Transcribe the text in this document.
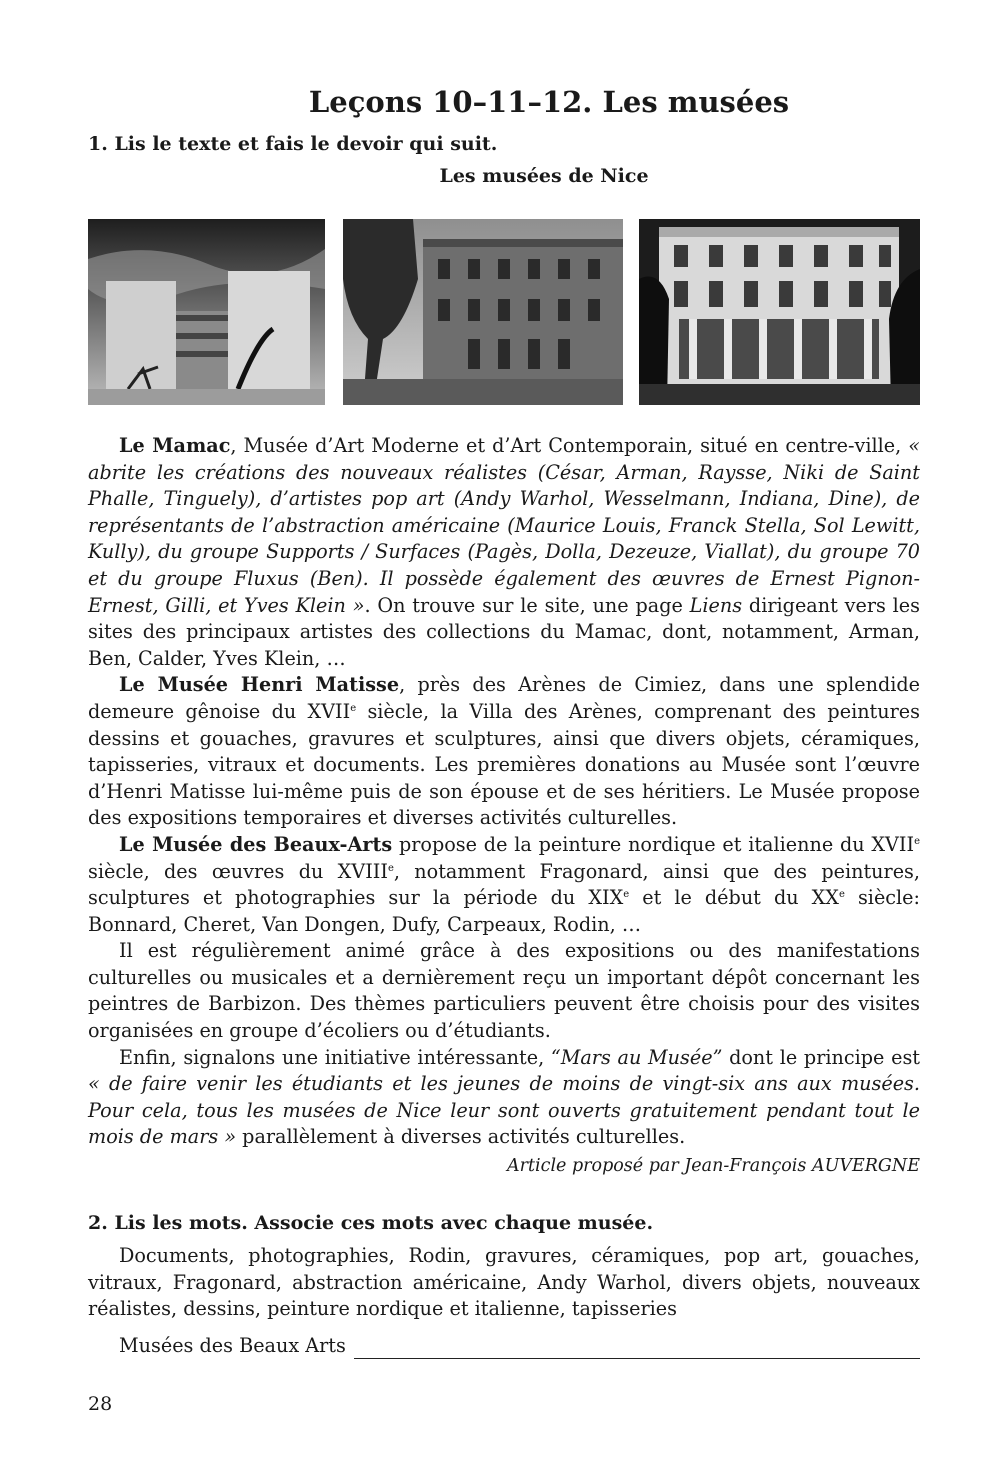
Leçons 10–11–12. Les musées
1. Lis le texte et fais le devoir qui suit.
Les musées de Nice

Le Mamac, Musée d’Art Moderne et d’Art Contemporain, situé en centre-ville, « abrite les créations des nouveaux réalistes (César, Arman, Raysse, Niki de Saint Phalle, Tinguely), d’artistes pop art (Andy Warhol, Wesselmann, Indiana, Dine), de représentants de l’abstraction américaine (Maurice Louis, Franck Stella, Sol Lewitt, Kully), du groupe Supports / Surfaces (Pagès, Dolla, Dezeuze, Viallat), du groupe 70 et du groupe Fluxus (Ben). Il possède également des œuvres de Ernest Pignon-Ernest, Gilli, et Yves Klein ». On trouve sur le site, une page Liens dirigeant vers les sites des principaux artistes des collections du Mamac, dont, notamment, Arman, Ben, Calder, Yves Klein, …

Le Musée Henri Matisse, près des Arènes de Cimiez, dans une splendide demeure gênoise du XVIIe siècle, la Villa des Arènes, comprenant des peintures dessins et gouaches, gravures et sculptures, ainsi que divers objets, céramiques, tapisseries, vitraux et documents. Les premières donations au Musée sont l’œuvre d’Henri Matisse lui-même puis de son épouse et de ses héritiers. Le Musée propose des expositions temporaires et diverses activités culturelles.

Le Musée des Beaux-Arts propose de la peinture nordique et italienne du XVIIe siècle, des œuvres du XVIIIe, notamment Fragonard, ainsi que des peintures, sculptures et photographies sur la période du XIXe et le début du XXe siècle: Bonnard, Cheret, Van Dongen, Dufy, Carpeaux, Rodin, …

Il est régulièrement animé grâce à des expositions ou des manifestations culturelles ou musicales et a dernièrement reçu un important dépôt concernant les peintres de Barbizon. Des thèmes particuliers peuvent être choisis pour des visites organisées en groupe d’écoliers ou d’étudiants.

Enfin, signalons une initiative intéressante, “Mars au Musée” dont le principe est « de faire venir les étudiants et les jeunes de moins de vingt-six ans aux musées. Pour cela, tous les musées de Nice leur sont ouverts gratuitement pendant tout le mois de mars » parallèlement à diverses activités culturelles.

Article proposé par Jean-François AUVERGNE
2. Lis les mots. Associe ces mots avec chaque musée.
Documents, photographies, Rodin, gravures, céramiques, pop art, gouaches, vitraux, Fragonard, abstraction américaine, Andy Warhol, divers objets, nouveaux réalistes, dessins, peinture nordique et italienne, tapisseries
Musées des Beaux Arts
28
